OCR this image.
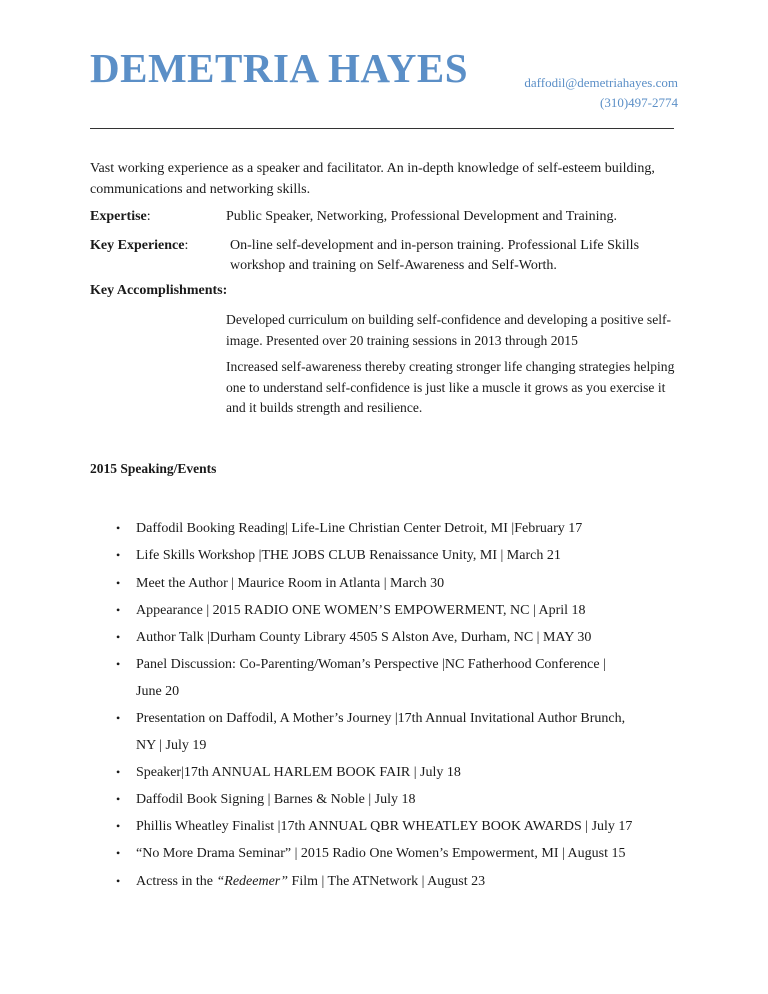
DEMETRIA HAYES	daffodil@demetriahayes.com
(310)497-2774
Vast working experience as a speaker and facilitator. An in-depth knowledge of self-esteem building, communications and networking skills.
Expertise:	Public Speaker, Networking, Professional Development and Training.
Key Experience:	On-line self-development and in-person training. Professional Life Skills
workshop and training on Self-Awareness and Self-Worth.
Key Accomplishments:
Developed curriculum on building self-confidence and developing a positive self-image. Presented over 20 training sessions in 2013 through 2015
Increased self-awareness thereby creating stronger life changing strategies helping one to understand self-confidence is just like a muscle it grows as you exercise it and it builds strength and resilience.
2015 Speaking/Events
• Daffodil Booking Reading| Life-Line Christian Center Detroit, MI |February 17
• Life Skills Workshop |THE JOBS CLUB Renaissance Unity, MI | March 21
• Meet the Author | Maurice Room in Atlanta | March 30
• Appearance | 2015 RADIO ONE WOMEN’S EMPOWERMENT, NC | April 18
• Author Talk |Durham County Library 4505 S Alston Ave, Durham, NC | MAY 30
• Panel Discussion: Co-Parenting/Woman’s Perspective |NC Fatherhood Conference |
June 20
• Presentation on Daffodil, A Mother’s Journey |17th Annual Invitational Author Brunch,
NY | July 19
• Speaker|17th ANNUAL HARLEM BOOK FAIR | July 18
• Daffodil Book Signing | Barnes & Noble | July 18
• Phillis Wheatley Finalist |17th ANNUAL QBR WHEATLEY BOOK AWARDS | July 17
• “No More Drama Seminar” | 2015 Radio One Women’s Empowerment, MI | August 15
• Actress in the “Redeemer” Film | The ATNetwork | August 23
